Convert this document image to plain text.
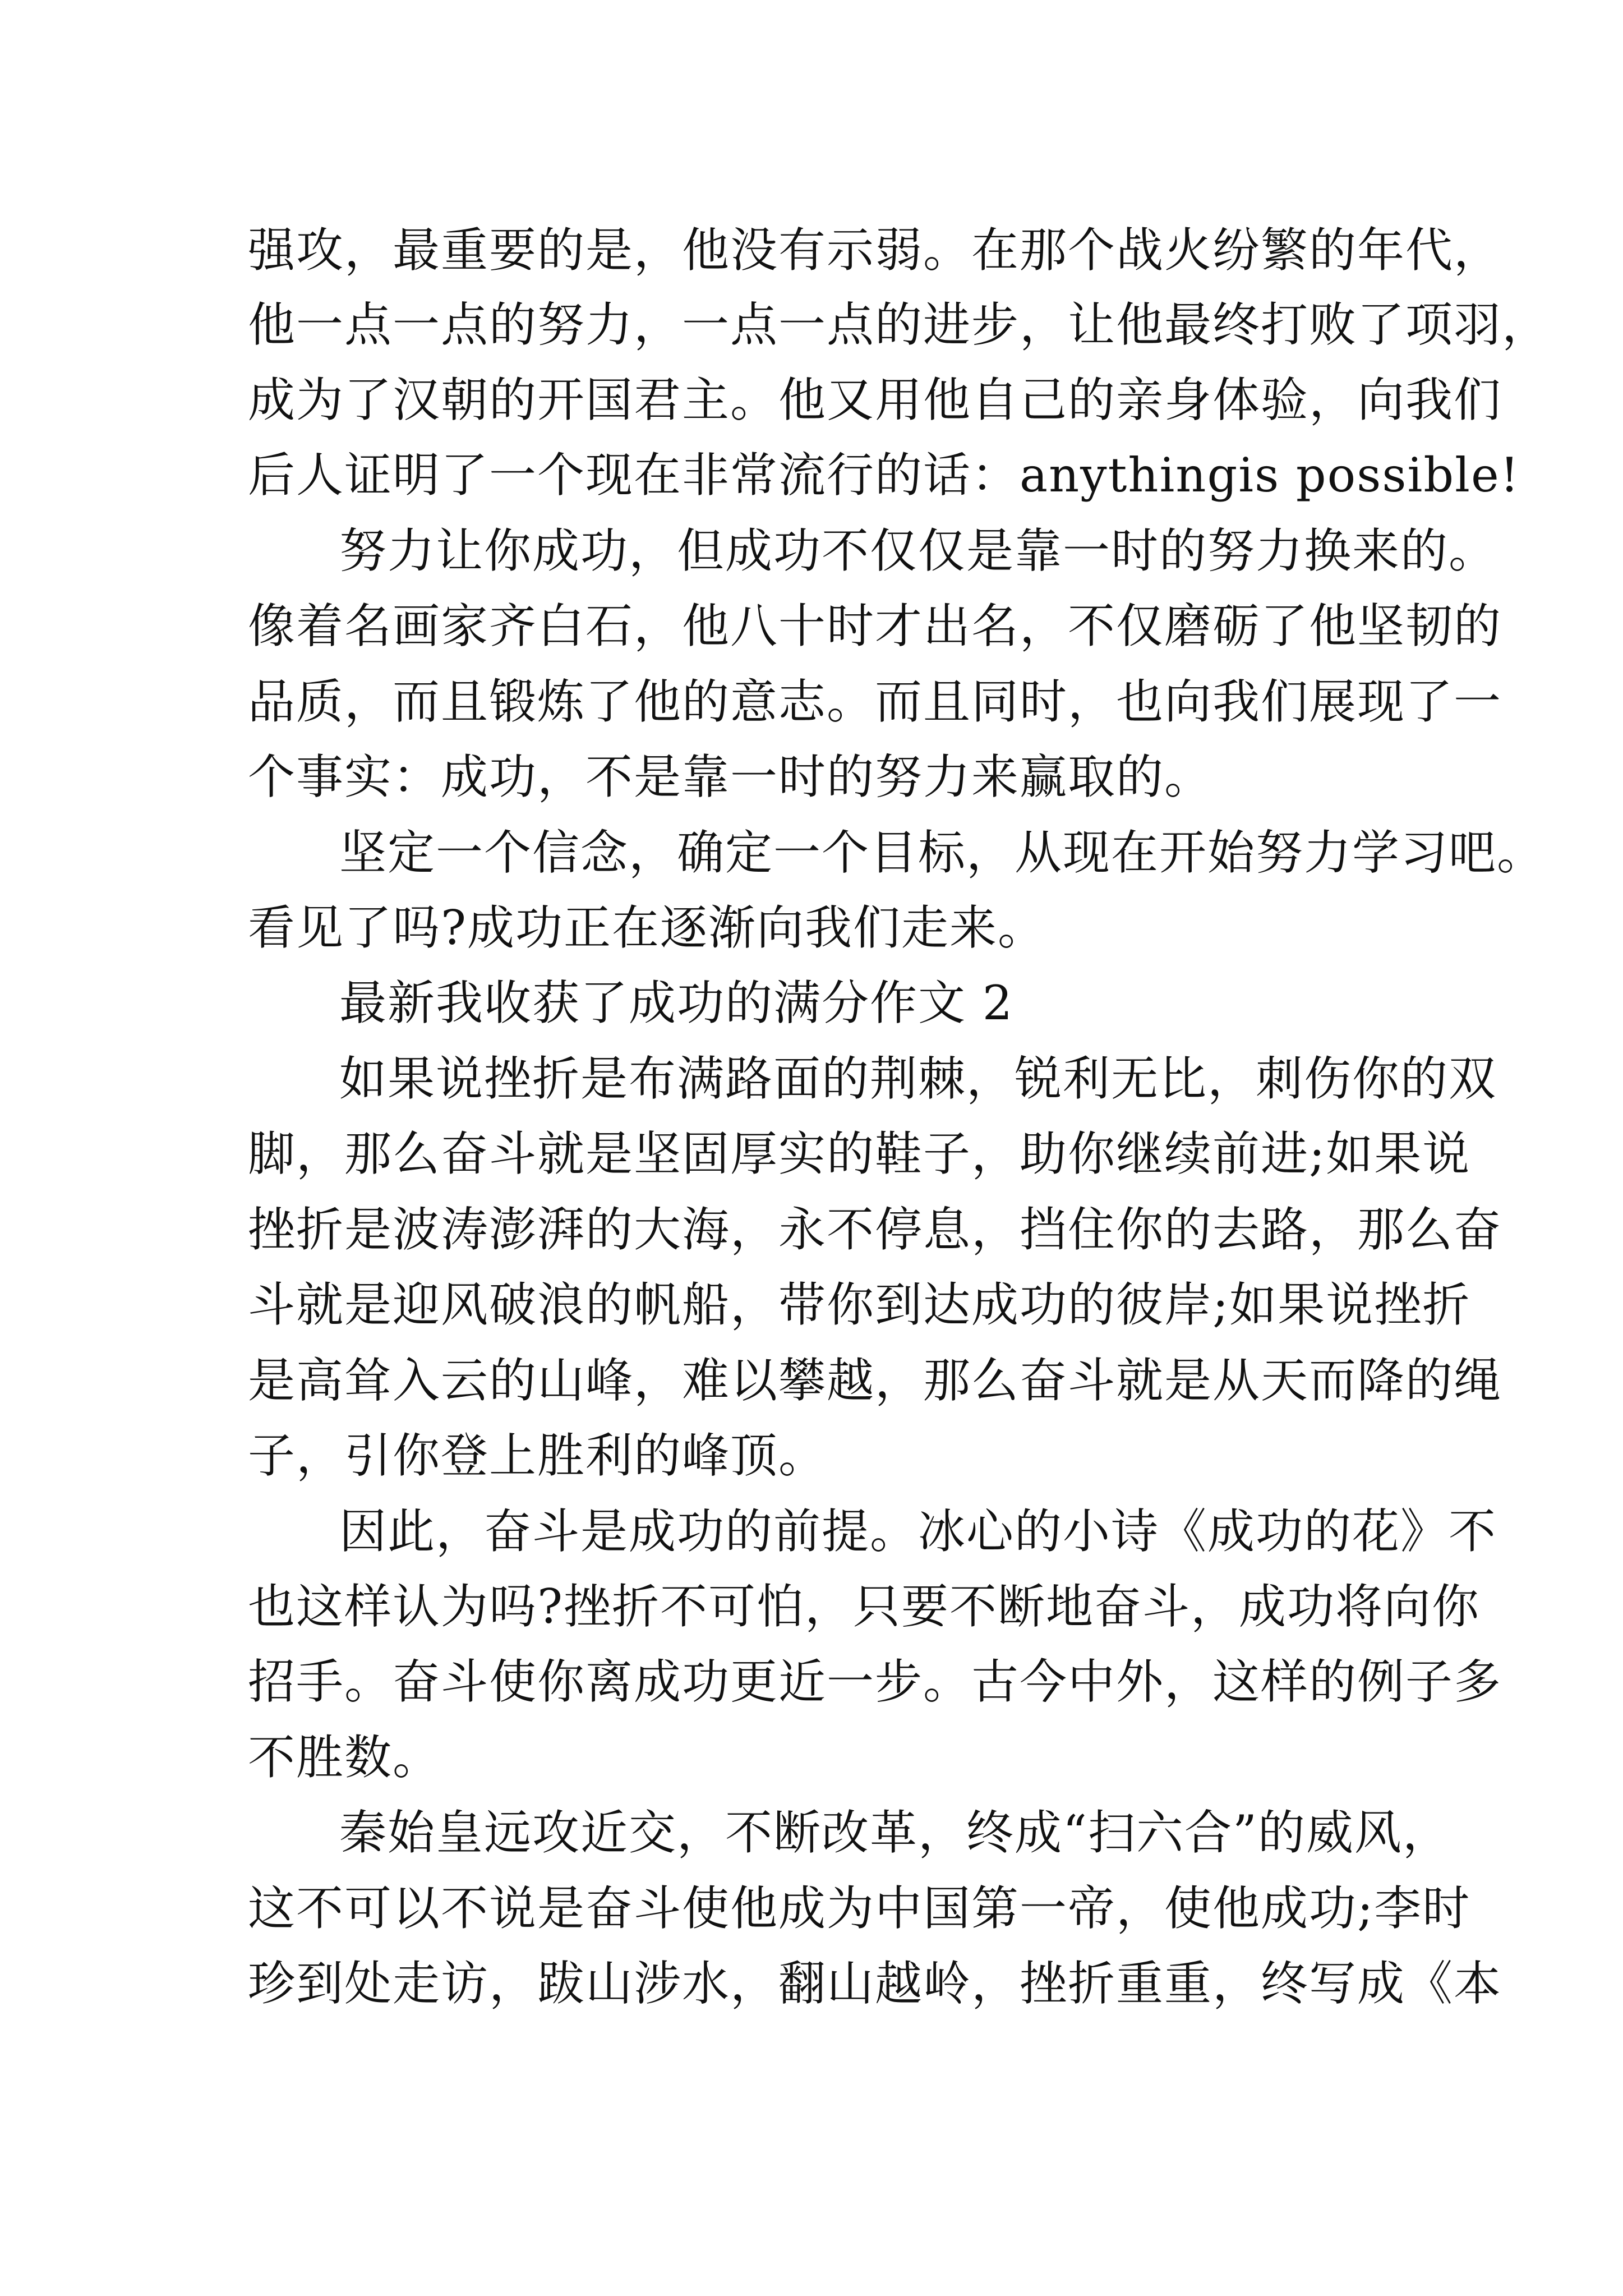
强攻，最重要的是，他没有示弱。在那个战火纷繁的年代，
他一点一点的努力，一点一点的进步，让他最终打败了项羽，
成为了汉朝的开国君主。他又用他自己的亲身体验，向我们
后人证明了一个现在非常流行的话：anythingis possible!
努力让你成功，但成功不仅仅是靠一时的努力换来的。
像着名画家齐白石，他八十时才出名，不仅磨砺了他坚韧的
品质，而且锻炼了他的意志。而且同时，也向我们展现了一
个事实：成功，不是靠一时的努力来赢取的。
坚定一个信念，确定一个目标，从现在开始努力学习吧。
看见了吗?成功正在逐渐向我们走来。
最新我收获了成功的满分作文 2
如果说挫折是布满路面的荆棘，锐利无比，刺伤你的双
脚，那么奋斗就是坚固厚实的鞋子，助你继续前进;如果说
挫折是波涛澎湃的大海，永不停息，挡住你的去路，那么奋
斗就是迎风破浪的帆船，带你到达成功的彼岸;如果说挫折
是高耸入云的山峰，难以攀越，那么奋斗就是从天而降的绳
子，引你登上胜利的峰顶。
因此，奋斗是成功的前提。冰心的小诗《成功的花》不
也这样认为吗?挫折不可怕，只要不断地奋斗，成功将向你
招手。奋斗使你离成功更近一步。古今中外，这样的例子多
不胜数。
秦始皇远攻近交，不断改革，终成“扫六合”的威风，
这不可以不说是奋斗使他成为中国第一帝，使他成功;李时
珍到处走访，跋山涉水，翻山越岭，挫折重重，终写成《本
